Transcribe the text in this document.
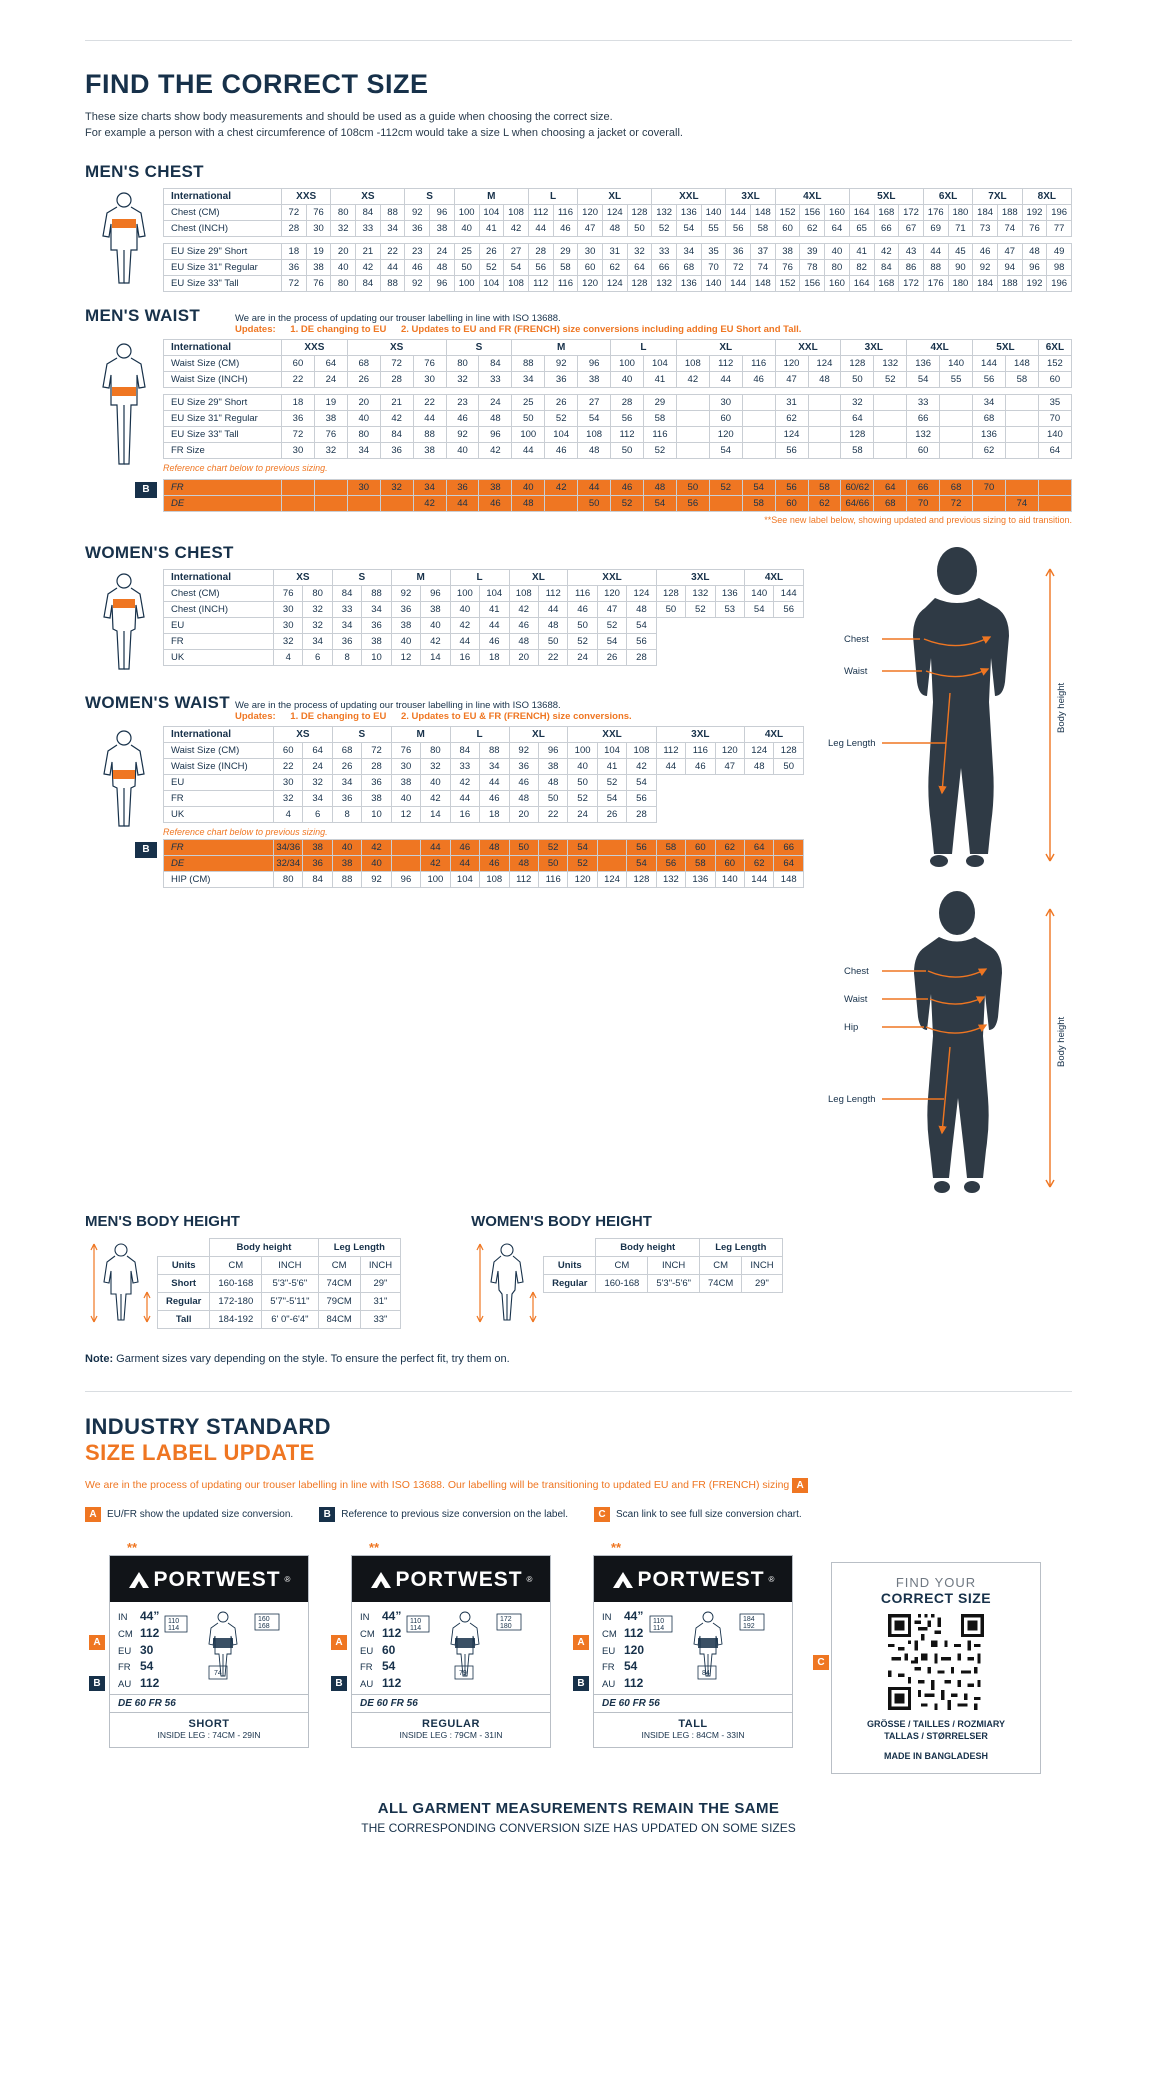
FIND THE CORRECT SIZE
These size charts show body measurements and should be used as a guide when choosing the correct size.
For example a person with a chest circumference of 108cm -112cm would take a size L when choosing a jacket or coverall.
MEN'S CHEST
International	XXS		XS			S		M			L		XL			XXL			3XL		4XL			5XL			6XL		7XL		8XL	
Chest (CM)	72	76	80	84	88	92	96	100	104	108	112	116	120	124	128	132	136	140	144	148	152	156	160	164	168	172	176	180	184	188	192	196
Chest (INCH)	28	30	32	33	34	36	38	40	41	42	44	46	47	48	50	52	54	55	56	58	60	62	64	65	66	67	69	71	73	74	76	77

EU Size 29" Short	18	19	20	21	22	23	24	25	26	27	28	29	30	31	32	33	34	35	36	37	38	39	40	41	42	43	44	45	46	47	48	49
EU Size 31" Regular	36	38	40	42	44	46	48	50	52	54	56	58	60	62	64	66	68	70	72	74	76	78	80	82	84	86	88	90	92	94	96	98
EU Size 33" Tall	72	76	80	84	88	92	96	100	104	108	112	116	120	124	128	132	136	140	144	148	152	156	160	164	168	172	176	180	184	188	192	196
MEN'S WAIST	We are in the process of updating our trouser labelling in line with ISO 13688.
Updates: 1. DE changing to EU 2. Updates to EU and FR (FRENCH) size conversions including adding EU Short and Tall.
International	XXS		XS			S		M			L		XL			XXL		3XL		4XL		5XL		6XL
Waist Size (CM)	60	64	68	72	76	80	84	88	92	96	100	104	108	112	116	120	124	128	132	136	140	144	148	152
Waist Size (INCH)	22	24	26	28	30	32	33	34	36	38	40	41	42	44	46	47	48	50	52	54	55	56	58	60

EU Size 29" Short	18	19	20	21	22	23	24	25	26	27	28	29		30		31		32		33		34		35
EU Size 31" Regular	36	38	40	42	44	46	48	50	52	54	56	58		60		62		64		66		68		70
EU Size 33" Tall	72	76	80	84	88	92	96	100	104	108	112	116		120		124		128		132		136		140
FR Size	30	32	34	36	38	40	42	44	46	48	50	52		54		56		58		60		62		64
Reference chart below to previous sizing.
B	FR			30	32	34	36	38	40	42	44	46	48	50	52	54	56	58	60/62	64	66	68	70		
DE					42	44	46	48		50	52	54	56		58	60	62	64/66	68	70	72		74	
**See new label below, showing updated and previous sizing to aid transition.
WOMEN'S CHEST
International	XS		S		M		L		XL		XXL			3XL			4XL	
Chest (CM)	76	80	84	88	92	96	100	104	108	112	116	120	124	128	132	136	140	144
Chest (INCH)	30	32	33	34	36	38	40	41	42	44	46	47	48	50	52	53	54	56
EU	30	32	34	36	38	40	42	44	46	48	50	52	54					
FR	32	34	36	38	40	42	44	46	48	50	52	54	56					
UK	4	6	8	10	12	14	16	18	20	22	24	26	28					
WOMEN'S WAIST We are in the process of updating our trouser labelling in line with ISO 13688.
Updates: 1. DE changing to EU 2. Updates to EU & FR (FRENCH) size conversions.
International	XS		S		M		L		XL		XXL			3XL			4XL	
Waist Size (CM)	60	64	68	72	76	80	84	88	92	96	100	104	108	112	116	120	124	128
Waist Size (INCH)	22	24	26	28	30	32	33	34	36	38	40	41	42	44	46	47	48	50
EU	30	32	34	36	38	40	42	44	46	48	50	52	54					
FR	32	34	36	38	40	42	44	46	48	50	52	54	56					
UK	4	6	8	10	12	14	16	18	20	22	24	26	28					
Reference chart below to previous sizing.
B	FR	34/36	38	40	42		44	46	48	50	52	54		56	58	60	62	64	66
DE	32/34	36	38	40		42	44	46	48	50	52		54	56	58	60	62	64
HIP (CM)	80	84	88	92	96	100	104	108	112	116	120	124	128	132	136	140	144	148
Chest
Waist
Leg Length
Body height
Chest
Waist
Hip
Leg Length
Body height
MEN'S BODY HEIGHT
	Body height		Leg Length	
Units	CM	INCH	CM	INCH
Short	160-168	5'3"-5'6"	74CM	29"
Regular	172-180	5'7"-5'11"	79CM	31"
Tall	184-192	6' 0"-6'4"	84CM	33"
WOMEN'S BODY HEIGHT
	Body height		Leg Length	
Units	CM	INCH	CM	INCH
Regular	160-168	5'3"-5'6"	74CM	29"
Note: Garment sizes vary depending on the style. To ensure the perfect fit, try them on.
INDUSTRY STANDARD
SIZE LABEL UPDATE
We are in the process of updating our trouser labelling in line with ISO 13688. Our labelling will be transitioning to updated EU and FR (FRENCH) sizing A
A	EU/FR show the updated size conversion.	B	Reference to previous size conversion on the label.	C	Scan link to see full size conversion chart.
**
PORTWEST ®
IN 44”
CM 112
EU 30
FR 54
AU 112
110
114
160
168
74
DE 60 FR 56
SHORT
INSIDE LEG : 74CM - 29IN
A
B
**
PORTWEST ®
IN 44”
CM 112
EU 60
FR 54
AU 112
110
114
172
180
79
DE 60 FR 56
REGULAR
INSIDE LEG : 79CM - 31IN
A
B
**
PORTWEST ®
IN 44”
CM 112
EU 120
FR 54
AU 112
110
114
184
192
84
DE 60 FR 56
TALL
INSIDE LEG : 84CM - 33IN
A
B
C
FIND YOUR
CORRECT SIZE
GRÖSSE / TAILLES / ROZMIARY
TALLAS / STØRRELSER
MADE IN BANGLADESH
ALL GARMENT MEASUREMENTS REMAIN THE SAME
THE CORRESPONDING CONVERSION SIZE HAS UPDATED ON SOME SIZES
